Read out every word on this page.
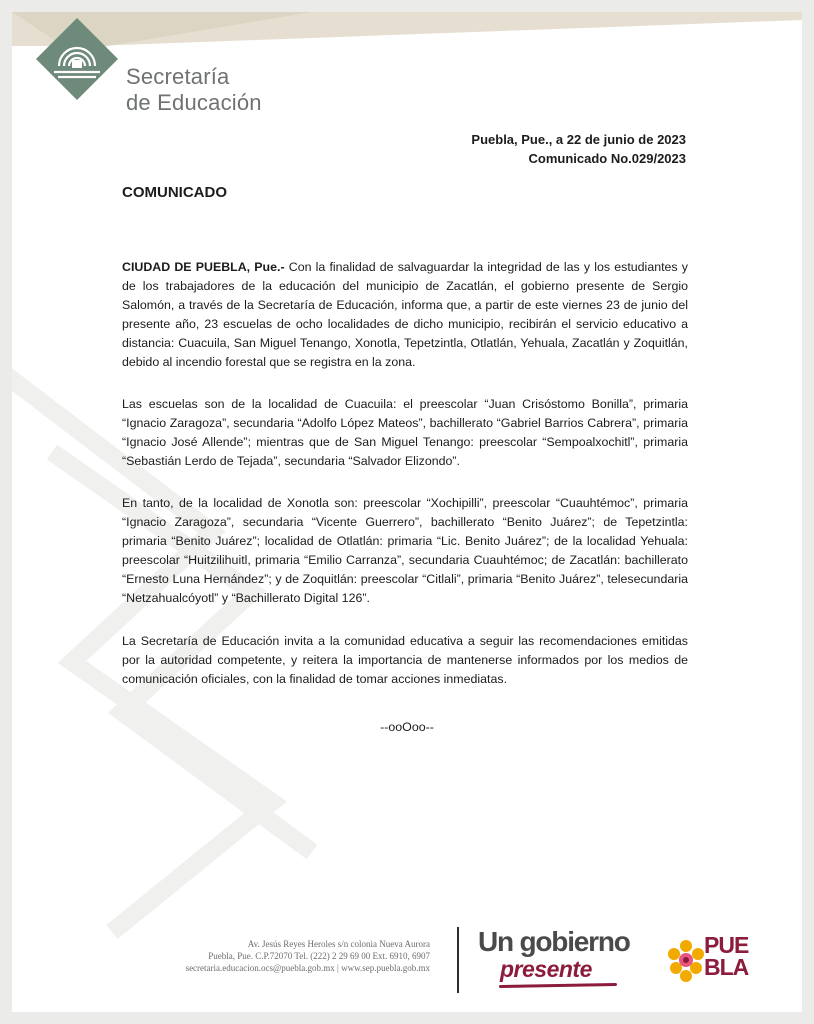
Secretaría
de Educación
Puebla, Pue., a 22 de junio de 2023
Comunicado No.029/2023
COMUNICADO
CIUDAD DE PUEBLA, Pue.- Con la finalidad de salvaguardar la integridad de las y los estudiantes y de los trabajadores de la educación del municipio de Zacatlán, el gobierno presente de Sergio Salomón, a través de la Secretaría de Educación, informa que, a partir de este viernes 23 de junio del presente año, 23 escuelas de ocho localidades de dicho municipio, recibirán el servicio educativo a distancia: Cuacuila, San Miguel Tenango, Xonotla, Tepetzintla, Otlatlán, Yehuala, Zacatlán y Zoquitlán, debido al incendio forestal que se registra en la zona.
Las escuelas son de la localidad de Cuacuila: el preescolar “Juan Crisóstomo Bonilla”, primaria “Ignacio Zaragoza”, secundaria “Adolfo López Mateos”, bachillerato “Gabriel Barrios Cabrera”, primaria “Ignacio José Allende”; mientras que de San Miguel Tenango: preescolar “Sempoalxochitl”, primaria “Sebastián Lerdo de Tejada”, secundaria “Salvador Elizondo”.
En tanto, de la localidad de Xonotla son: preescolar “Xochipilli”, preescolar “Cuauhtémoc”, primaria “Ignacio Zaragoza”, secundaria “Vicente Guerrero”, bachillerato “Benito Juárez”; de Tepetzintla: primaria “Benito Juárez”; localidad de Otlatlán: primaria “Lic. Benito Juárez”; de la localidad Yehuala: preescolar “Huitzilihuitl, primaria “Emilio Carranza”, secundaria Cuauhtémoc; de Zacatlán: bachillerato “Ernesto Luna Hernández”; y de Zoquitlán: preescolar “Citlali”, primaria “Benito Juárez”, telesecundaria “Netzahualcóyotl” y “Bachillerato Digital 126”.
La Secretaría de Educación invita a la comunidad educativa a seguir las recomendaciones emitidas por la autoridad competente, y reitera la importancia de mantenerse informados por los medios de comunicación oficiales, con la finalidad de tomar acciones inmediatas.
--ooOoo--
Av. Jesús Reyes Heroles s/n colonia Nueva Aurora
Puebla, Pue. C.P.72070 Tel. (222) 2 29 69 00 Ext. 6910, 6907
secretaria.educacion.ocs@puebla.gob.mx | www.sep.puebla.gob.mx
Un gobierno
presente
PUE
BLA
